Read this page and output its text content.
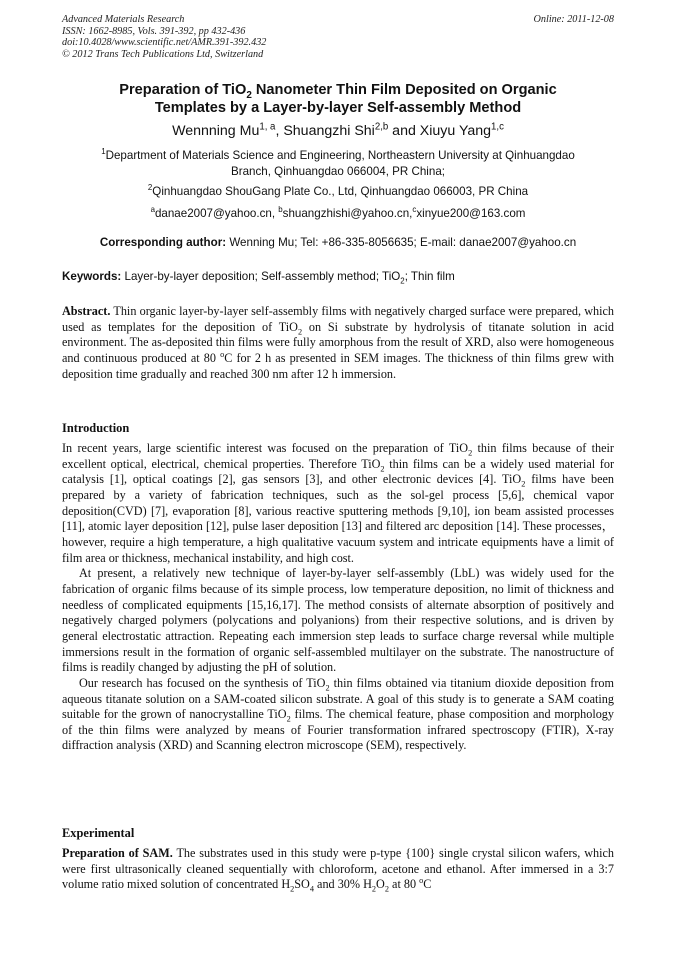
Advanced Materials Research
ISSN: 1662-8985, Vols. 391-392, pp 432-436
doi:10.4028/www.scientific.net/AMR.391-392.432
© 2012 Trans Tech Publications Ltd, Switzerland
Online: 2011-12-08
Preparation of TiO$_2$ Nanometer Thin Film Deposited on Organic
Templates by a Layer-by-layer Self-assembly Method
Wennning Mu$^{1, a}$, Shuangzhi Shi$^{2,b}$ and Xiuyu Yang$^{1,c}$
$^1$Department of Materials Science and Engineering, Northeastern University at Qinhuangdao
Branch, Qinhuangdao 066004, PR China;
$^2$Qinhuangdao ShouGang Plate Co., Ltd, Qinhuangdao 066003, PR China
$^a$danae2007@yahoo.cn, $^b$shuangzhishi@yahoo.cn,$^c$xinyue200@163.com
Corresponding author: Wenning Mu; Tel: +86-335-8056635; E-mail: danae2007@yahoo.cn
Keywords: Layer-by-layer deposition; Self-assembly method; TiO$_2$; Thin film

Abstract. Thin organic layer-by-layer self-assembly films with negatively charged surface were prepared, which used as templates for the deposition of TiO$_2$ on Si substrate by hydrolysis of titanate solution in acid environment. The as-deposited thin films were fully amorphous from the result of XRD, also were homogeneous and continuous produced at 80 $^o$C for 2 h as presented in SEM images. The thickness of thin films grew with deposition time gradually and reached 300 nm after 12 h immersion.

Introduction

In recent years, large scientific interest was focused on the preparation of TiO$_2$ thin films because of their excellent optical, electrical, chemical properties. Therefore TiO$_2$ thin films can be a widely used material for catalysis [1], optical coatings [2], gas sensors [3], and other electronic devices [4]. TiO$_2$ films have been prepared by a variety of fabrication techniques, such as the sol-gel process [5,6], chemical vapor deposition(CVD) [7], evaporation [8], various reactive sputtering methods [9,10], ion beam assisted processes [11], atomic layer deposition [12], pulse laser deposition [13] and filtered arc deposition [14]. These processes，however, require a high temperature, a high qualitative vacuum system and intricate equipments have a limit of film area or thickness, mechanical instability, and high cost.

At present, a relatively new technique of layer-by-layer self-assembly (LbL) was widely used for the fabrication of organic films because of its simple process, low temperature deposition, no limit of thickness and needless of complicated equipments [15,16,17]. The method consists of alternate absorption of positively and negatively charged polymers (polycations and polyanions) from their respective solutions, and is driven by general electrostatic attraction. Repeating each immersion step leads to surface charge reversal while multiple immersions result in the formation of organic self-assembled multilayer on the substrate. The nanostructure of films is readily changed by adjusting the pH of solution.

Our research has focused on the synthesis of TiO$_2$ thin films obtained via titanium dioxide deposition from aqueous titanate solution on a SAM-coated silicon substrate. A goal of this study is to generate a SAM coating suitable for the grown of nanocrystalline TiO$_2$ films. The chemical feature, phase composition and morphology of the thin films were analyzed by means of Fourier transformation infrared spectroscopy (FTIR), X-ray diffraction analysis (XRD) and Scanning electron microscope (SEM), respectively.

Experimental

Preparation of SAM. The substrates used in this study were p-type {100} single crystal silicon wafers, which were first ultrasonically cleaned sequentially with chloroform, acetone and ethanol. After immersed in a 3:7 volume ratio mixed solution of concentrated $H_2SO_4$ and 30% $H_2O_2$ at 80 $^o$C
